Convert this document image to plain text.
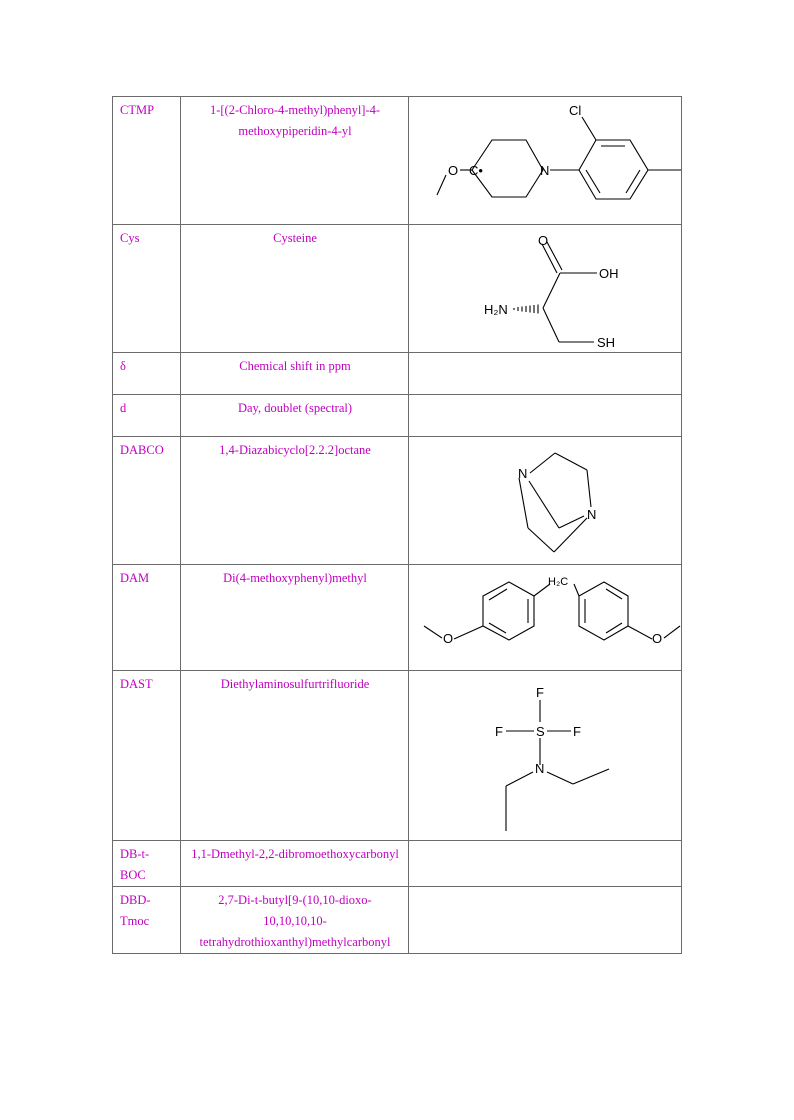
CTMP	1-[(2-Chloro-4-methyl)phenyl]-4-methoxypiperidin-4-yl	O C• N
Cl

Cys	Cysteine	O
OH
H₂N
SH

δ	Chemical shift in ppm	
d	Day, doublet (spectral)	
DABCO	1,4-Diazabicyclo[2.2.2]octane	N
N

DAM	Di(4-methoxyphenyl)methyl	H₂C
O O

DAST	Diethylaminosulfurtrifluoride	F
F F
S
N

DB-t-BOC	1,1-Dmethyl-2,2-dibromoethoxycarbonyl	
DBD-Tmoc	2,7-Di-t-butyl[9-(10,10-dioxo-10,10,10,10-tetrahydrothioxanthyl)methylcarbonyl	
